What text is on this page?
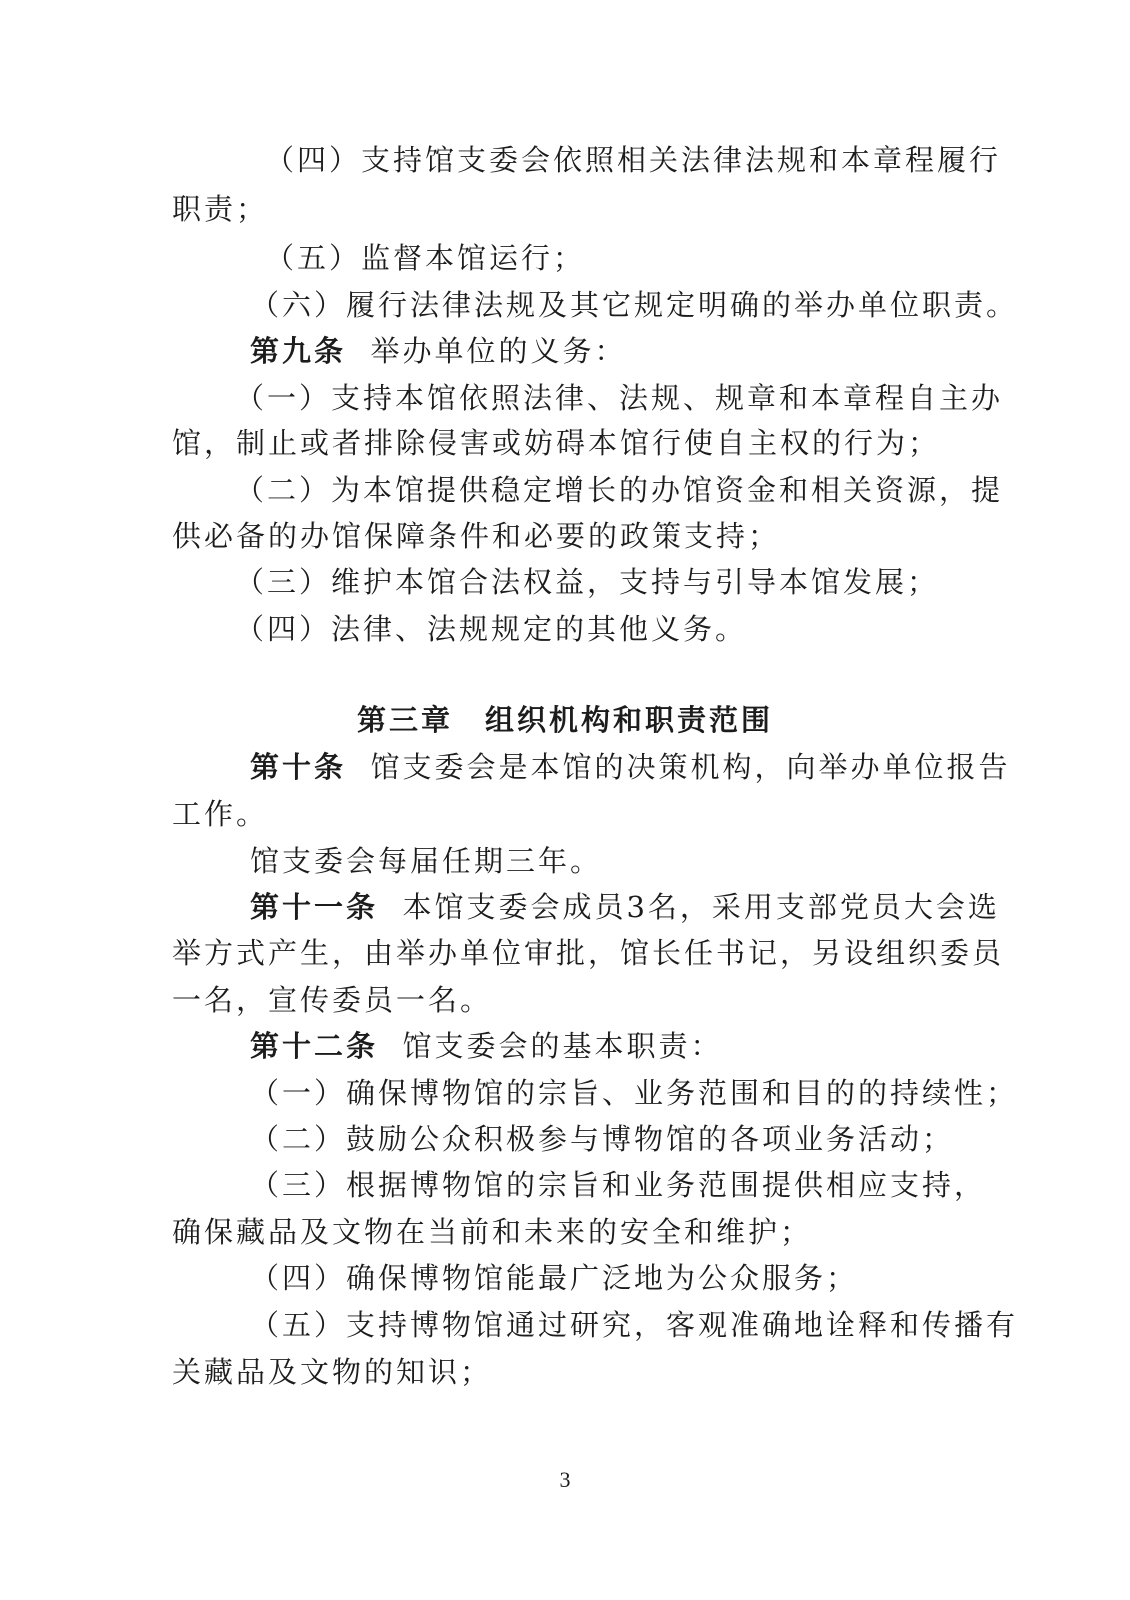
（四）支持馆支委会依照相关法律法规和本章程履行
职责；
（五）监督本馆运行；
（六）履行法律法规及其它规定明确的举办单位职责。
第九条 举办单位的义务：
（一）支持本馆依照法律、法规、规章和本章程自主办
馆，制止或者排除侵害或妨碍本馆行使自主权的行为；
（二）为本馆提供稳定增长的办馆资金和相关资源，提
供必备的办馆保障条件和必要的政策支持；
（三）维护本馆合法权益，支持与引导本馆发展；
（四）法律、法规规定的其他义务。
第三章　组织机构和职责范围
第十条 馆支委会是本馆的决策机构，向举办单位报告
工作。
馆支委会每届任期三年。
第十一条 本馆支委会成员3名，采用支部党员大会选
举方式产生，由举办单位审批，馆长任书记，另设组织委员
一名，宣传委员一名。
第十二条 馆支委会的基本职责：
（一）确保博物馆的宗旨、业务范围和目的的持续性；
（二）鼓励公众积极参与博物馆的各项业务活动；
（三）根据博物馆的宗旨和业务范围提供相应支持，
确保藏品及文物在当前和未来的安全和维护；
（四）确保博物馆能最广泛地为公众服务；
（五）支持博物馆通过研究，客观准确地诠释和传播有
关藏品及文物的知识；
3
